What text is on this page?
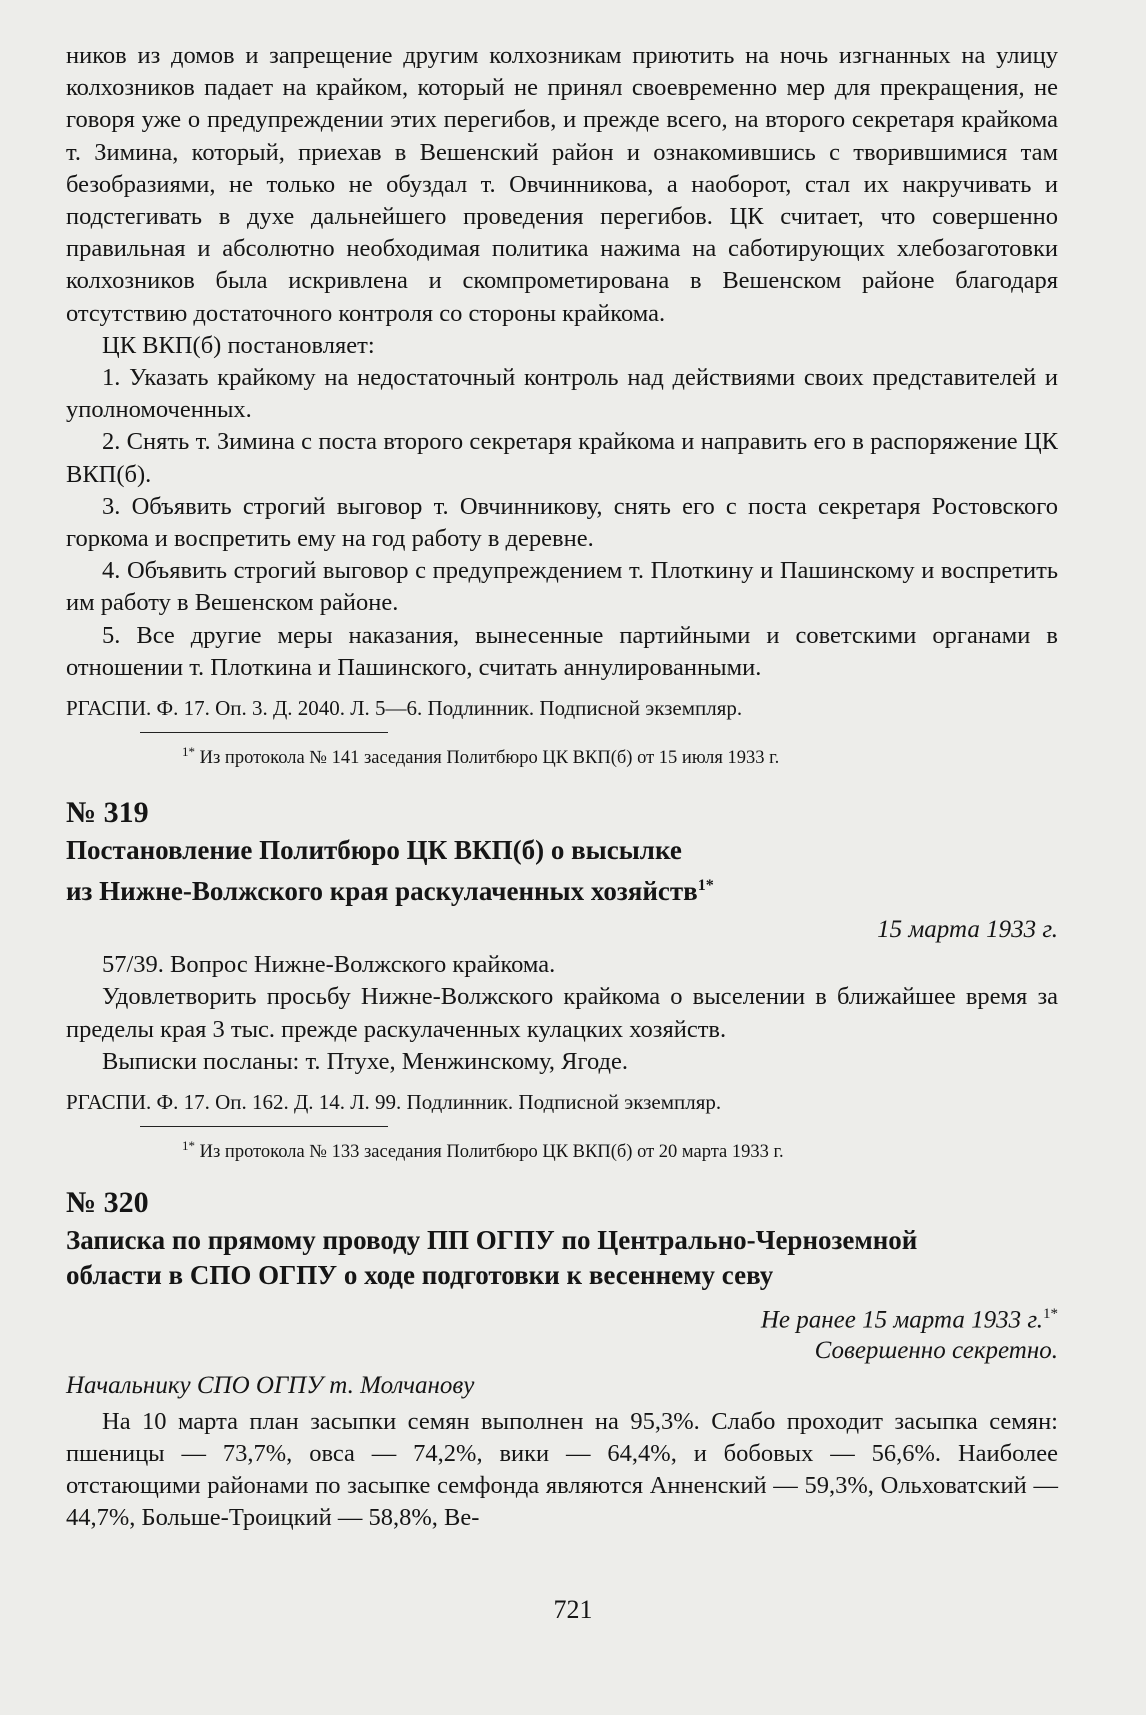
ников из домов и запрещение другим колхозникам приютить на ночь изгнанных на улицу колхозников падает на крайком, который не принял своевременно мер для прекращения, не говоря уже о предупреждении этих перегибов, и прежде всего, на второго секретаря крайкома т. Зимина, который, приехав в Вешенский район и ознакомившись с творившимися там безобразиями, не только не обуздал т. Овчинникова, а наоборот, стал их накручивать и подстегивать в духе дальнейшего проведения перегибов. ЦК считает, что совершенно правильная и абсолютно необходимая политика нажима на саботирующих хлебозаготовки колхозников была искривлена и скомпрометирована в Вешенском районе благодаря отсутствию достаточного контроля со стороны крайкома.

ЦК ВКП(б) постановляет:

1. Указать крайкому на недостаточный контроль над действиями своих представителей и уполномоченных.

2. Снять т. Зимина с поста второго секретаря крайкома и направить его в распоряжение ЦК ВКП(б).

3. Объявить строгий выговор т. Овчинникову, снять его с поста секретаря Ростовского горкома и воспретить ему на год работу в деревне.

4. Объявить строгий выговор с предупреждением т. Плоткину и Пашинскому и воспретить им работу в Вешенском районе.

5. Все другие меры наказания, вынесенные партийными и советскими органами в отношении т. Плоткина и Пашинского, считать аннулированными.

РГАСПИ. Ф. 17. Оп. 3. Д. 2040. Л. 5—6. Подлинник. Подписной экземпляр.

$^{1*}$ Из протокола № 141 заседания Политбюро ЦК ВКП(б) от 15 июля 1933 г.

№ 319

Постановление Политбюро ЦК ВКП(б) о высылке
из Нижне-Волжского края раскулаченных хозяйств$^{1*}$

15 марта 1933 г.

57/39. Вопрос Нижне-Волжского крайкома.

Удовлетворить просьбу Нижне-Волжского крайкома о выселении в ближайшее время за пределы края 3 тыс. прежде раскулаченных кулацких хозяйств.

Выписки посланы: т. Птухе, Менжинскому, Ягоде.

РГАСПИ. Ф. 17. Оп. 162. Д. 14. Л. 99. Подлинник. Подписной экземпляр.

$^{1*}$ Из протокола № 133 заседания Политбюро ЦК ВКП(б) от 20 марта 1933 г.

№ 320

Записка по прямому проводу ПП ОГПУ по Центрально-Черноземной
области в СПО ОГПУ о ходе подготовки к весеннему севу

Не ранее 15 марта 1933 г.$^{1*}$

Совершенно секретно.

Начальнику СПО ОГПУ т. Молчанову

На 10 марта план засыпки семян выполнен на 95,3%. Слабо проходит засыпка семян: пшеницы — 73,7%, овса — 74,2%, вики — 64,4%, и бобовых — 56,6%. Наиболее отстающими районами по засыпке семфонда являются Анненский — 59,3%, Ольховатский — 44,7%, Больше-Троицкий — 58,8%, Ве-

721
